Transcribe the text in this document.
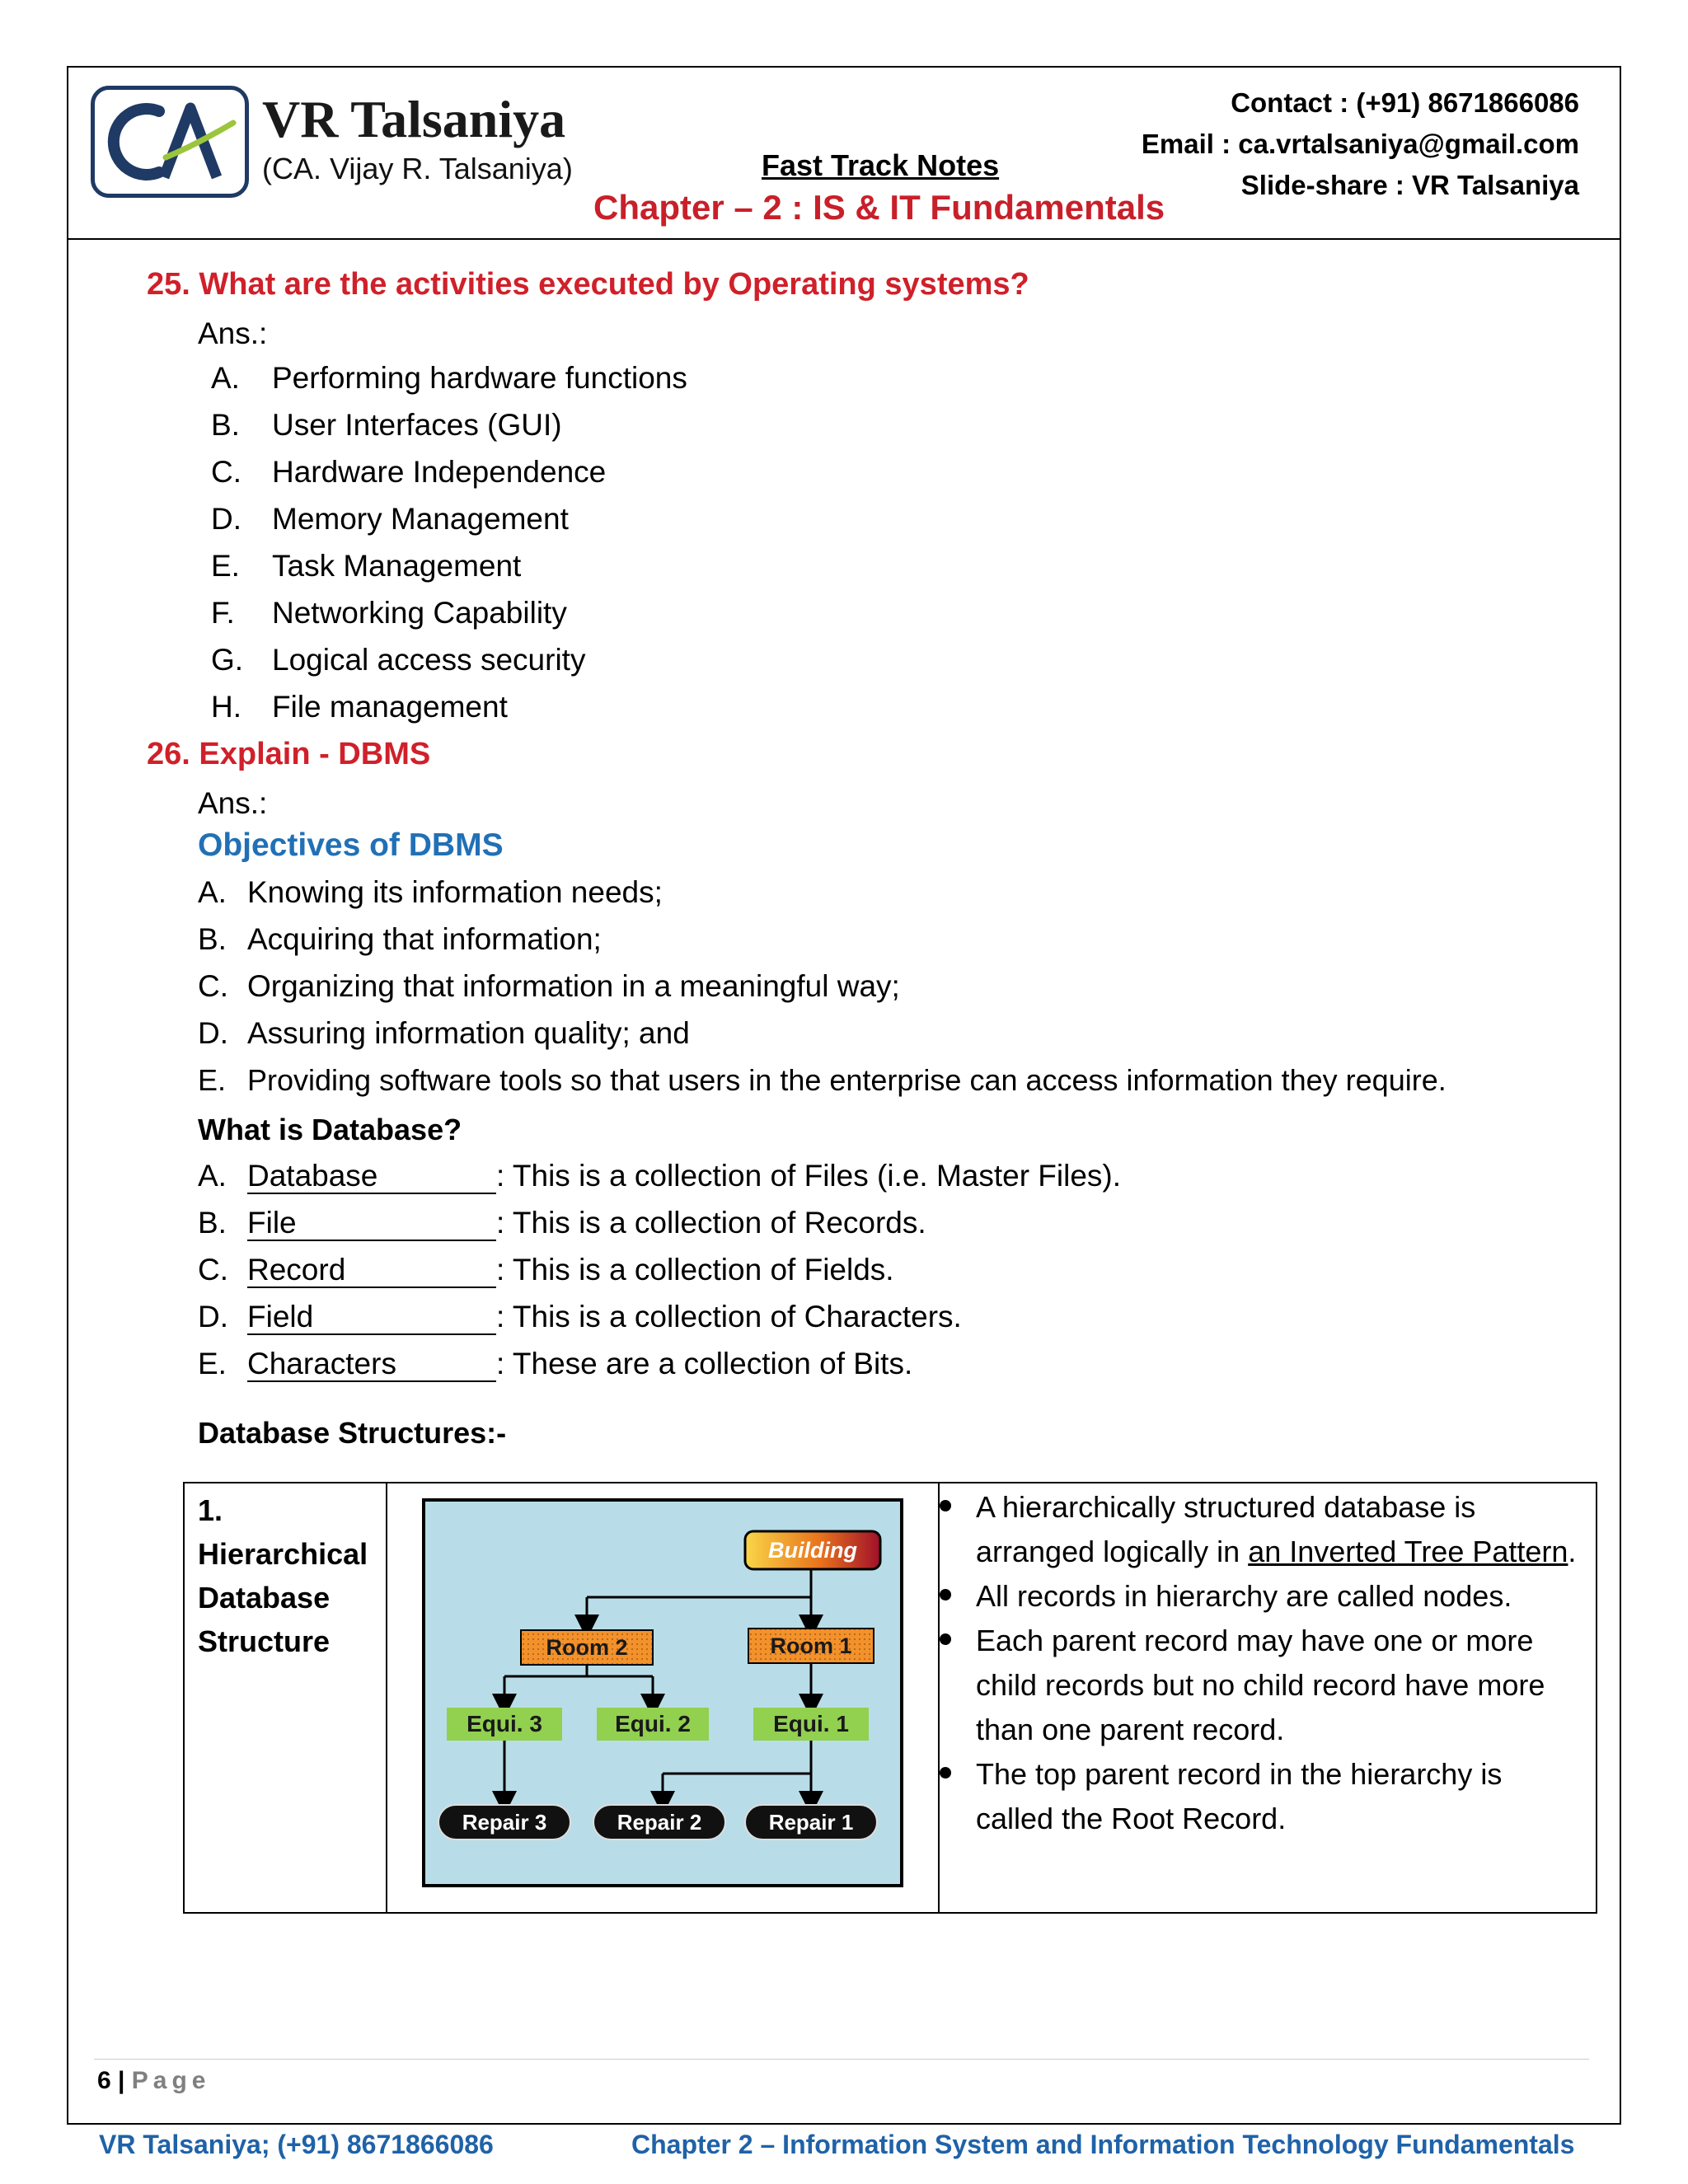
CA	VR Talsaniya
(CA. Vijay R. Talsaniya)	Fast Track Notes
Chapter – 2 : IS & IT Fundamentals
Contact : (+91) 8671866086
Email : ca.vrtalsaniya@gmail.com
Slide-share : VR Talsaniya
25. What are the activities executed by Operating systems?
Ans.:
A. Performing hardware functions
B. User Interfaces (GUI)
C. Hardware Independence
D. Memory Management
E. Task Management
F. Networking Capability
G. Logical access security
H. File management
26. Explain - DBMS
Ans.:
Objectives of DBMS
A. Knowing its information needs;
B. Acquiring that information;
C. Organizing that information in a meaningful way;
D. Assuring information quality; and
E. Providing software tools so that users in the enterprise can access information they require.
What is Database?
A. Database	: This is a collection of Files (i.e. Master Files).
B. File	: This is a collection of Records.
C. Record	: This is a collection of Fields.
D. Field	: This is a collection of Characters.
E. Characters	: These are a collection of Bits.
Database Structures:-
1.
Hierarchical
Database
Structure
Building
Room 2	Room 1
Equi. 3	Equi. 2	Equi. 1
Repair 3	Repair 2	Repair 1
A hierarchically structured database is arranged logically in an Inverted Tree Pattern.
All records in hierarchy are called nodes.
Each parent record may have one or more child records but no child record have more than one parent record.
The top parent record in the hierarchy is called the Root Record.
6 | Page
VR Talsaniya; (+91) 8671866086	Chapter 2 – Information System and Information Technology Fundamentals
